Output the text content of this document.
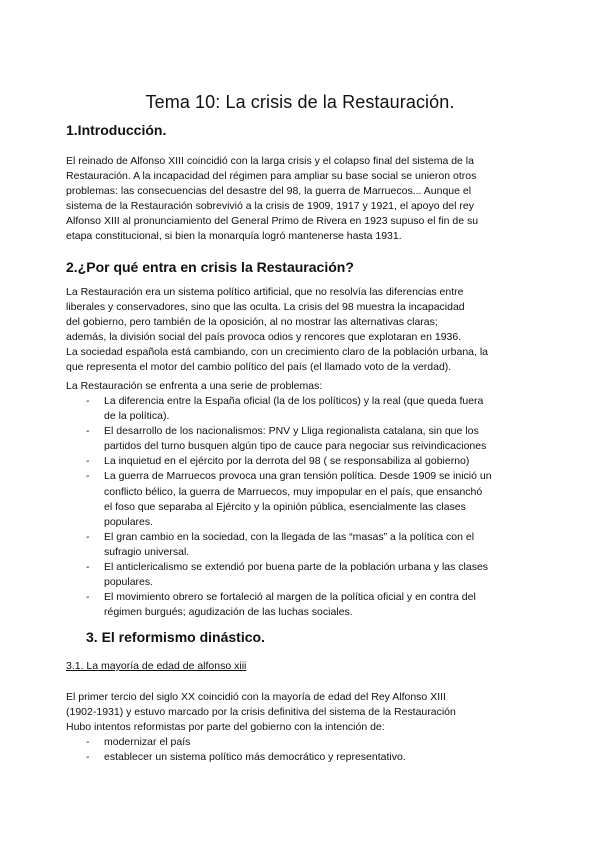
Tema 10: La crisis de la Restauración.
1.Introducción.

El reinado de Alfonso XIII coincidió con la larga crisis y el colapso final del sistema de la
Restauración. A la incapacidad del régimen para ampliar su base social se unieron otros
problemas: las consecuencias del desastre del 98, la guerra de Marruecos... Aunque el
sistema de la Restauración sobrevivió a la crisis de 1909, 1917 y 1921, el apoyo del rey
Alfonso XIII al pronunciamiento del General Primo de Rivera en 1923 supuso el fin de su
etapa constitucional, si bien la monarquía logró mantenerse hasta 1931.

2.¿Por qué entra en crisis la Restauración?

La Restauración era un sistema político artificial, que no resolvía las diferencias entre
liberales y conservadores, sino que las oculta. La crisis del 98 muestra la incapacidad
del gobierno, pero también de la oposición, al no mostrar las alternativas claras;
además, la división social del país provoca odios y rencores que explotaran en 1936.
La sociedad española está cambiando, con un crecimiento claro de la población urbana, la
que representa el motor del cambio político del país (el llamado voto de la verdad).

La Restauración se enfrenta a una serie de problemas:

- La diferencia entre la España oficial (la de los políticos) y la real (que queda fuera
de la política).
- El desarrollo de los nacionalismos: PNV y Lliga regionalista catalana, sin que los
partidos del turno busquen algún tipo de cauce para negociar sus reivindicaciones
- La inquietud en el ejército por la derrota del 98 ( se responsabiliza al gobierno)
- La guerra de Marruecos provoca una gran tensión política. Desde 1909 se inició un
conflicto bélico, la guerra de Marruecos, muy impopular en el país, que ensanchó
el foso que separaba al Ejército y la opinión pública, esencialmente las clases
populares.
- El gran cambio en la sociedad, con la llegada de las “masas” a la política con el
sufragio universal.
- El anticlericalismo se extendió por buena parte de la población urbana y las clases
populares.
- El movimiento obrero se fortaleció al margen de la política oficial y en contra del
régimen burgués; agudización de las luchas sociales.
3. El reformismo dinástico.
3.1. La mayoría de edad de alfonso xiii

El primer tercio del siglo XX coincidió con la mayoría de edad del Rey Alfonso XIII
(1902-1931) y estuvo marcado por la crisis definitiva del sistema de la Restauración
Hubo intentos reformistas por parte del gobierno con la intención de:

- modernizar el país
- establecer un sistema político más democrático y representativo.
